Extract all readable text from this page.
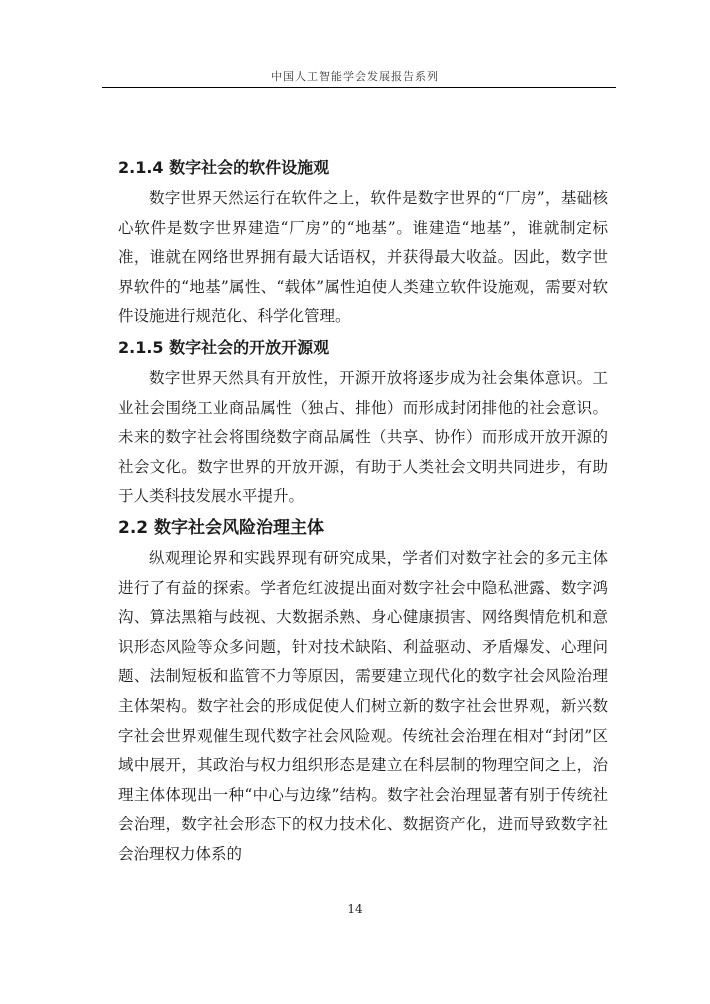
中国人工智能学会发展报告系列
2.1.4 数字社会的软件设施观

数字世界天然运行在软件之上，软件是数字世界的“厂房”，基础核心软件是数字世界建造“厂房”的“地基”。谁建造“地基”，谁就制定标准，谁就在网络世界拥有最大话语权，并获得最大收益。因此，数字世界软件的“地基”属性、“载体”属性迫使人类建立软件设施观，需要对软件设施进行规范化、科学化管理。

2.1.5 数字社会的开放开源观

数字世界天然具有开放性，开源开放将逐步成为社会集体意识。工业社会围绕工业商品属性（独占、排他）而形成封闭排他的社会意识。未来的数字社会将围绕数字商品属性（共享、协作）而形成开放开源的社会文化。数字世界的开放开源，有助于人类社会文明共同进步，有助于人类科技发展水平提升。

2.2 数字社会风险治理主体

纵观理论界和实践界现有研究成果，学者们对数字社会的多元主体进行了有益的探索。学者危红波提出面对数字社会中隐私泄露、数字鸿沟、算法黑箱与歧视、大数据杀熟、身心健康损害、网络舆情危机和意识形态风险等众多问题，针对技术缺陷、利益驱动、矛盾爆发、心理问题、法制短板和监管不力等原因，需要建立现代化的数字社会风险治理主体架构。数字社会的形成促使人们树立新的数字社会世界观，新兴数字社会世界观催生现代数字社会风险观。传统社会治理在相对“封闭”区域中展开，其政治与权力组织形态是建立在科层制的物理空间之上，治理主体体现出一种“中心与边缘”结构。数字社会治理显著有别于传统社会治理，数字社会形态下的权力技术化、数据资产化，进而导致数字社会治理权力体系的

14
